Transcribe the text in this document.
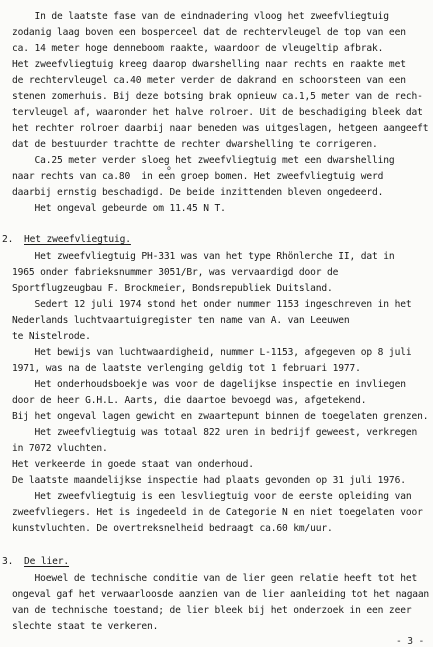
In de laatste fase van de eindnadering vloog het zweefvliegtuig
zodanig laag boven een bosperceel dat de rechtervleugel de top van een
ca. 14 meter hoge denneboom raakte, waardoor de vleugeltip afbrak.
Het zweefvliegtuig kreeg daarop dwarshelling naar rechts en raakte met
de rechtervleugel ca.40 meter verder de dakrand en schoorsteen van een
stenen zomerhuis. Bij deze botsing brak opnieuw ca.1,5 meter van de rech-
tervleugel af, waaronder het halve rolroer. Uit de beschadiging bleek dat
het rechter rolroer daarbij naar beneden was uitgeslagen, hetgeen aangeeft
dat de bestuurder trachtte de rechter dwarshelling te corrigeren.
Ca.25 meter verder sloeg het zweefvliegtuig met een dwarshelling
naar rechts van ca.80  in een groep bomen. Het zweefvliegtuig werd
o
daarbij ernstig beschadigd. De beide inzittenden bleven ongedeerd.
Het ongeval gebeurde om 11.45 N T.
2. Het zweefvliegtuig.
Het zweefvliegtuig PH-331 was van het type Rhönlerche II, dat in
1965 onder fabrieksnummer 3051/Br, was vervaardigd door de
Sportflugzeugbau F. Brockmeier, Bondsrepubliek Duitsland.
Sedert 12 juli 1974 stond het onder nummer 1153 ingeschreven in het
Nederlands luchtvaartuigregister ten name van A. van Leeuwen
te Nistelrode.
Het bewijs van luchtwaardigheid, nummer L-1153, afgegeven op 8 juli
1971, was na de laatste verlenging geldig tot 1 februari 1977.
Het onderhoudsboekje was voor de dagelijkse inspectie en invliegen
door de heer G.H.L. Aarts, die daartoe bevoegd was, afgetekend.
Bij het ongeval lagen gewicht en zwaartepunt binnen de toegelaten grenzen.
Het zweefvliegtuig was totaal 822 uren in bedrijf geweest, verkregen
in 7072 vluchten.
Het verkeerde in goede staat van onderhoud.
De laatste maandelijkse inspectie had plaats gevonden op 31 juli 1976.
Het zweefvliegtuig is een lesvliegtuig voor de eerste opleiding van
zweefvliegers. Het is ingedeeld in de Categorie N en niet toegelaten voor
kunstvluchten. De overtreksnelheid bedraagt ca.60 km/uur.
3. De lier.
Hoewel de technische conditie van de lier geen relatie heeft tot het
ongeval gaf het verwaarloosde aanzien van de lier aanleiding tot het nagaan
van de technische toestand; de lier bleek bij het onderzoek in een zeer
slechte staat te verkeren.
- 3 -
